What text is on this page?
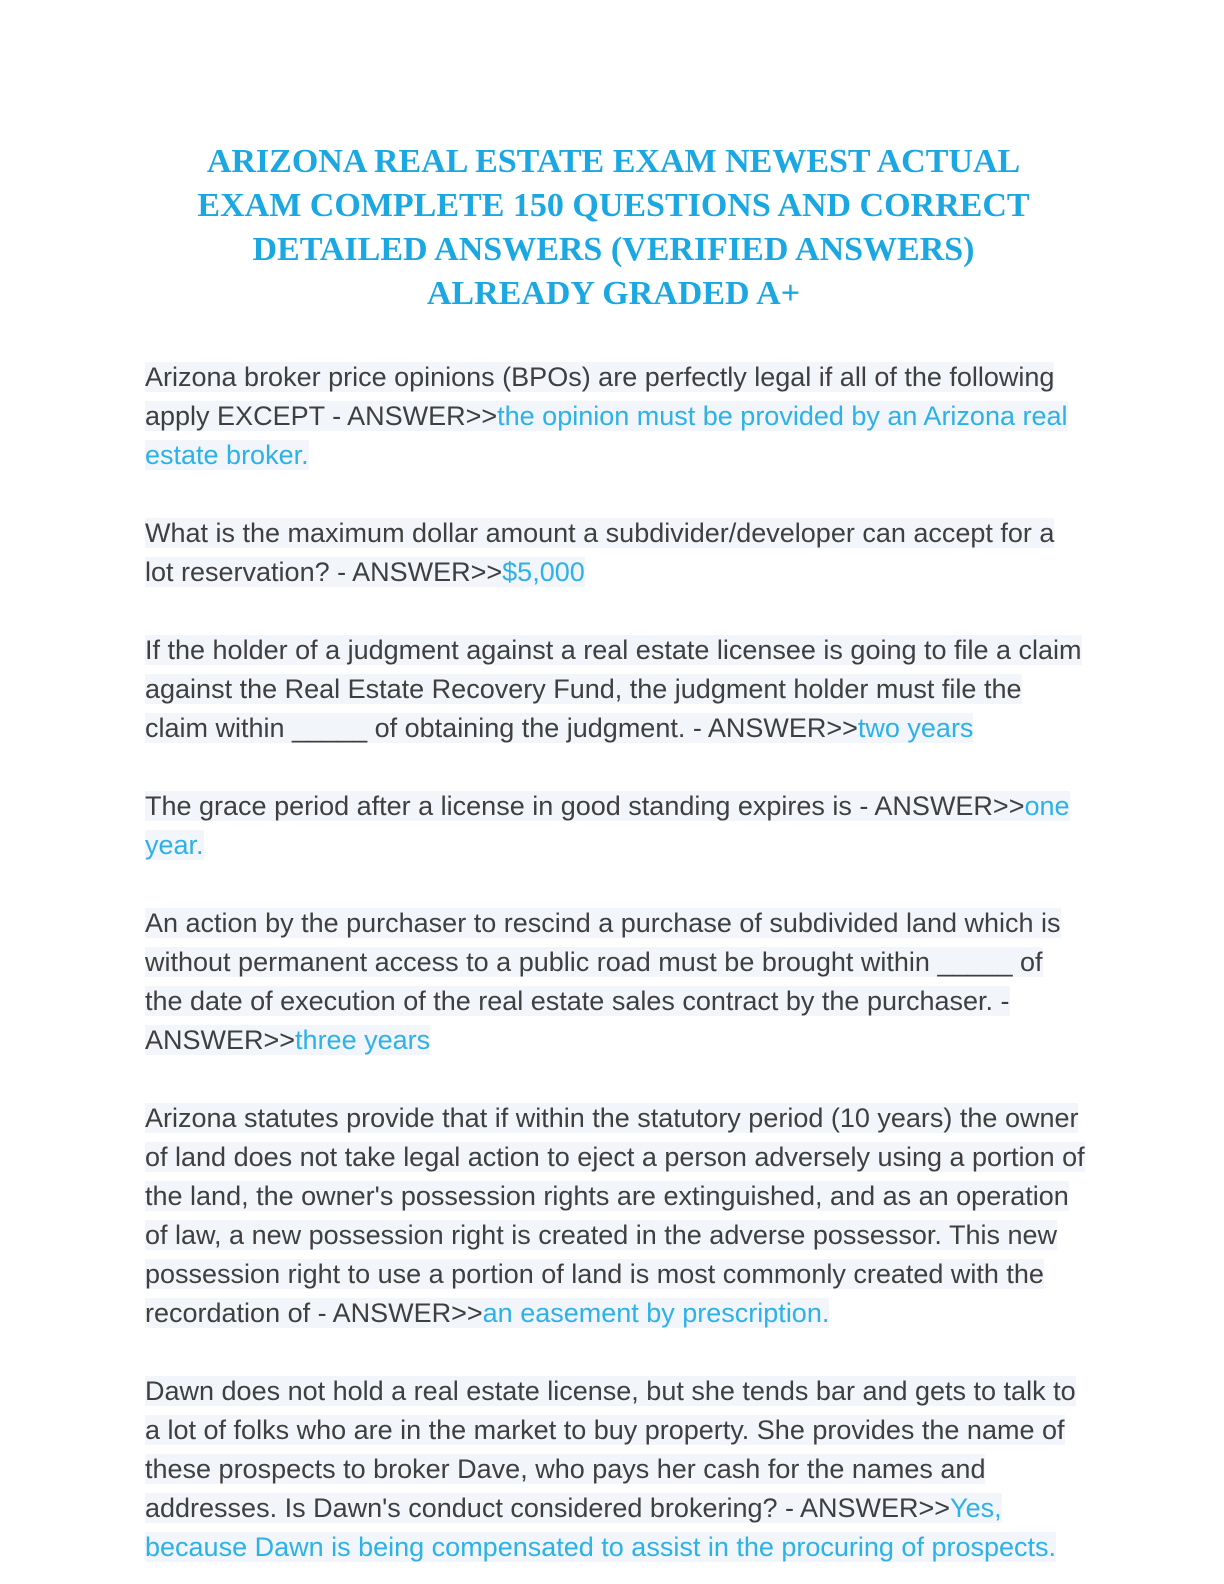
ARIZONA REAL ESTATE EXAM NEWEST ACTUAL
EXAM COMPLETE 150 QUESTIONS AND CORRECT
DETAILED ANSWERS (VERIFIED ANSWERS)
ALREADY GRADED A+

Arizona broker price opinions (BPOs) are perfectly legal if all of the following apply EXCEPT - ANSWER>>the opinion must be provided by an Arizona real estate broker.

What is the maximum dollar amount a subdivider/developer can accept for a lot reservation? - ANSWER>>$5,000

If the holder of a judgment against a real estate licensee is going to file a claim against the Real Estate Recovery Fund, the judgment holder must file the claim within _____ of obtaining the judgment. - ANSWER>>two years

The grace period after a license in good standing expires is - ANSWER>>one year.

An action by the purchaser to rescind a purchase of subdivided land which is without permanent access to a public road must be brought within _____ of the date of execution of the real estate sales contract by the purchaser. - ANSWER>>three years

Arizona statutes provide that if within the statutory period (10 years) the owner of land does not take legal action to eject a person adversely using a portion of the land, the owner's possession rights are extinguished, and as an operation of law, a new possession right is created in the adverse possessor. This new possession right to use a portion of land is most commonly created with the recordation of - ANSWER>>an easement by prescription.

Dawn does not hold a real estate license, but she tends bar and gets to talk to a lot of folks who are in the market to buy property. She provides the name of these prospects to broker Dave, who pays her cash for the names and addresses. Is Dawn's conduct considered brokering? - ANSWER>>Yes, because Dawn is being compensated to assist in the procuring of prospects.
